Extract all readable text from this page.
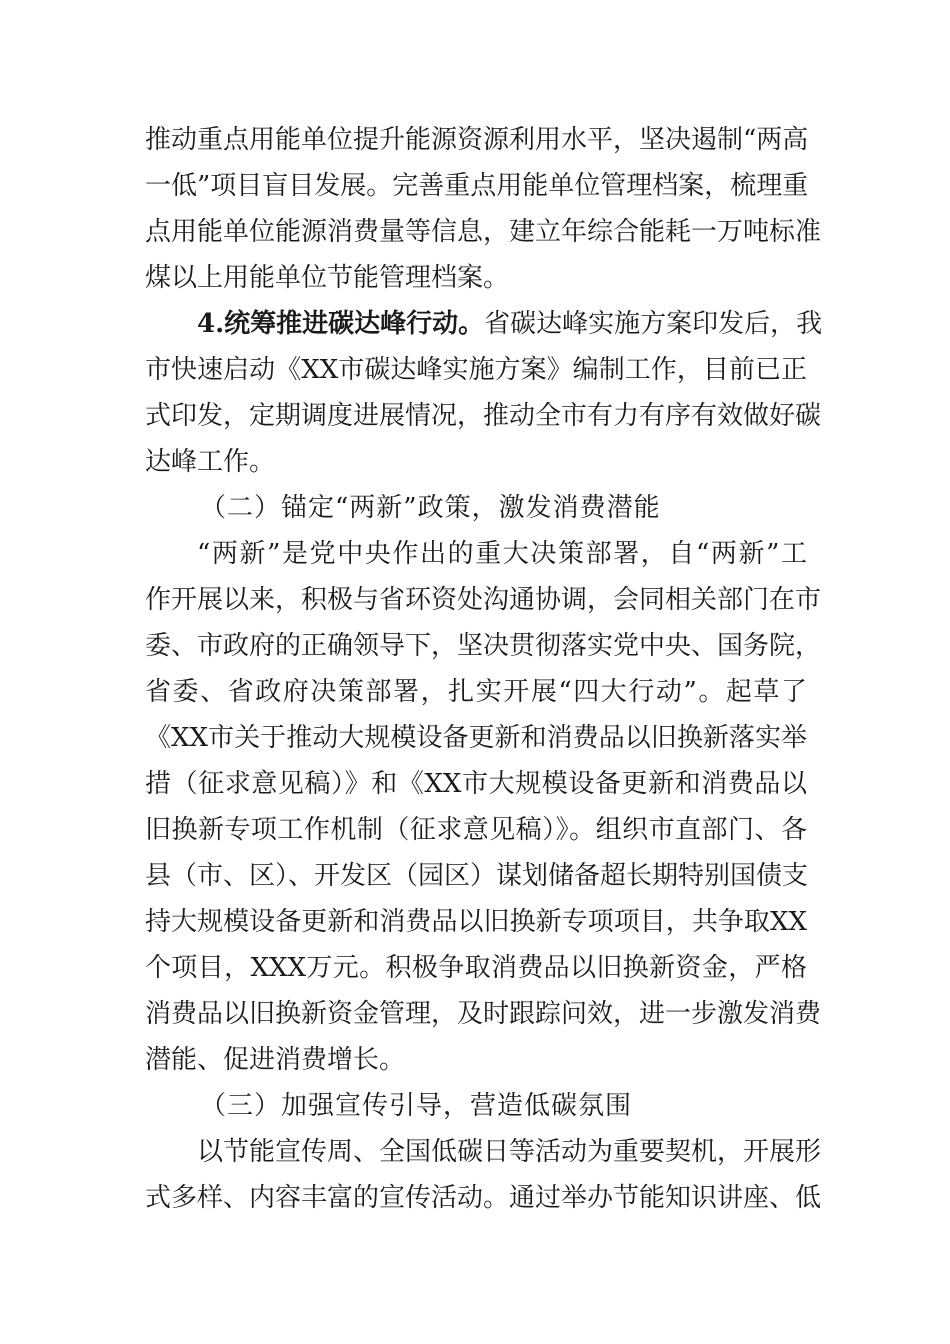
推动重点用能单位提升能源资源利用水平，坚决遏制“两高
一低”项目盲目发展。完善重点用能单位管理档案，梳理重
点用能单位能源消费量等信息，建立年综合能耗一万吨标准
煤以上用能单位节能管理档案。
4.统筹推进碳达峰行动。省碳达峰实施方案印发后，我
市快速启动《XX市碳达峰实施方案》编制工作，目前已正
式印发，定期调度进展情况，推动全市有力有序有效做好碳
达峰工作。
（二）锚定“两新”政策，激发消费潜能
“两新”是党中央作出的重大决策部署，自“两新”工
作开展以来，积极与省环资处沟通协调，会同相关部门在市
委、市政府的正确领导下，坚决贯彻落实党中央、国务院，
省委、省政府决策部署，扎实开展“四大行动”。起草了
《XX市关于推动大规模设备更新和消费品以旧换新落实举
措（征求意见稿）》和《XX市大规模设备更新和消费品以
旧换新专项工作机制（征求意见稿）》。组织市直部门、各
县（市、区）、开发区（园区）谋划储备超长期特别国债支
持大规模设备更新和消费品以旧换新专项项目，共争取XX
个项目，XXX万元。积极争取消费品以旧换新资金，严格
消费品以旧换新资金管理，及时跟踪问效，进一步激发消费
潜能、促进消费增长。
（三）加强宣传引导，营造低碳氛围
以节能宣传周、全国低碳日等活动为重要契机，开展形
式多样、内容丰富的宣传活动。通过举办节能知识讲座、低
